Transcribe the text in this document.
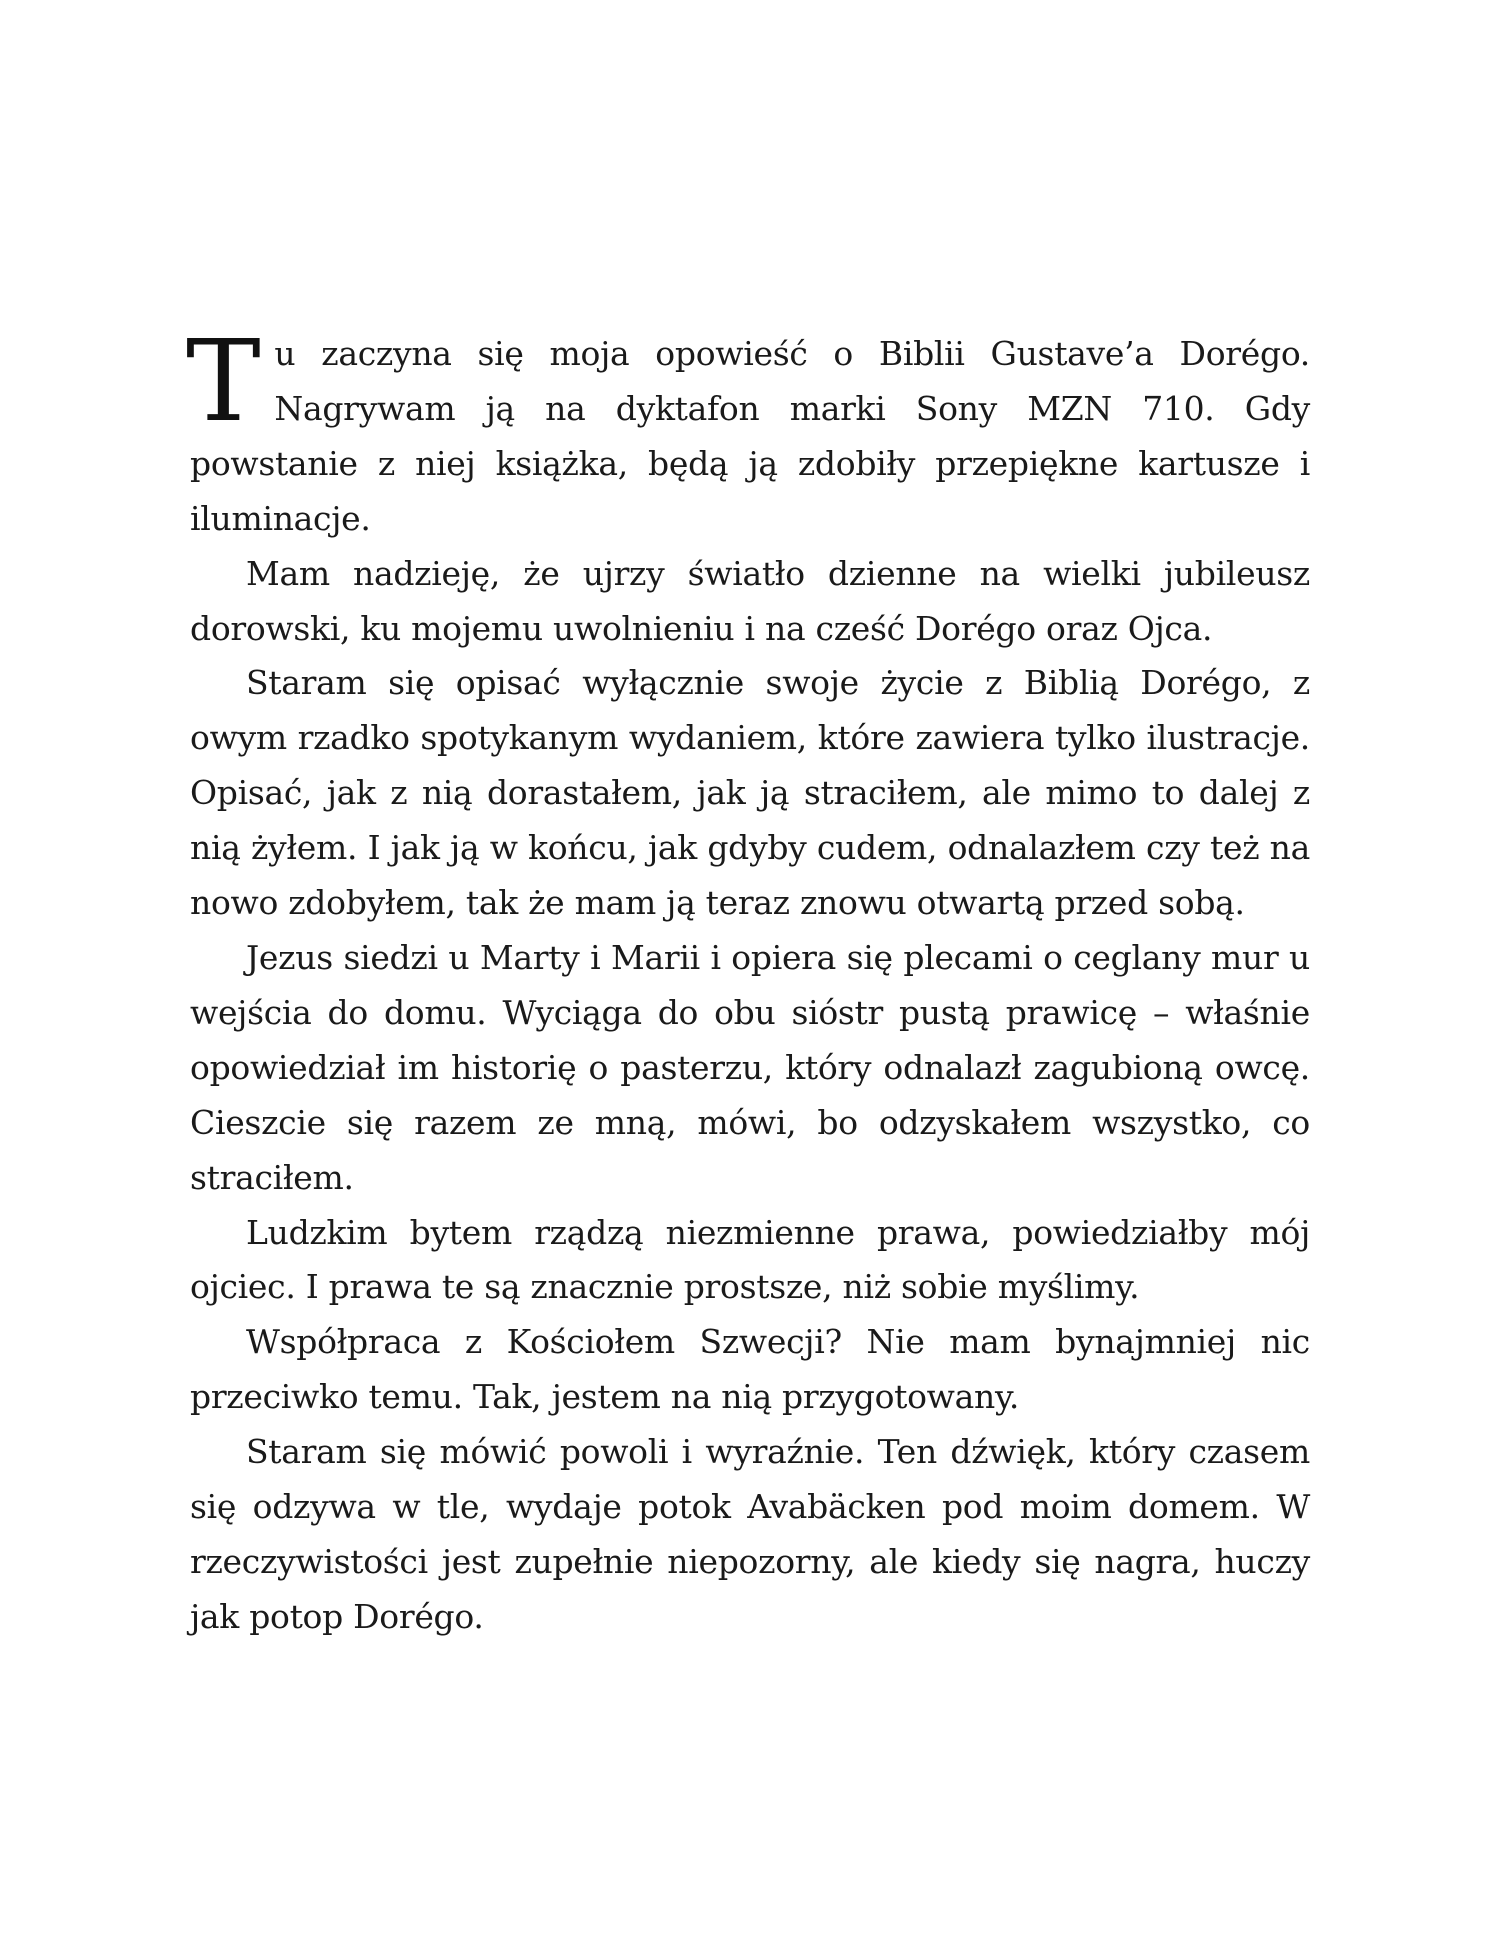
Tu zaczyna się moja opowieść o Biblii Gustave’a Dorégo. Nagrywam ją na dyktafon marki Sony MZN 710. Gdy powstanie z niej książka, będą ją zdobiły przepiękne kartusze i iluminacje.

Mam nadzieję, że ujrzy światło dzienne na wielki jubileusz dorowski, ku mojemu uwolnieniu i na cześć Dorégo oraz Ojca.

Staram się opisać wyłącznie swoje życie z Biblią Dorégo, z owym rzadko spotykanym wydaniem, które zawiera tylko ilustracje. Opisać, jak z nią dorastałem, jak ją straciłem, ale mimo to dalej z nią żyłem. I jak ją w końcu, jak gdyby cudem, odnalazłem czy też na nowo zdobyłem, tak że mam ją teraz znowu otwartą przed sobą.

Jezus siedzi u Marty i Marii i opiera się plecami o ceglany mur u wejścia do domu. Wyciąga do obu sióstr pustą prawicę – właśnie opowiedział im historię o pasterzu, który odnalazł zagubioną owcę. Cieszcie się razem ze mną, mówi, bo odzyskałem wszystko, co straciłem.

Ludzkim bytem rządzą niezmienne prawa, powiedziałby mój ojciec. I prawa te są znacznie prostsze, niż sobie myślimy.

Współpraca z Kościołem Szwecji? Nie mam bynajmniej nic przeciwko temu. Tak, jestem na nią przygotowany.

Staram się mówić powoli i wyraźnie. Ten dźwięk, który czasem się odzywa w tle, wydaje potok Avabäcken pod moim domem. W rzeczywistości jest zupełnie niepozorny, ale kiedy się nagra, huczy jak potop Dorégo.
